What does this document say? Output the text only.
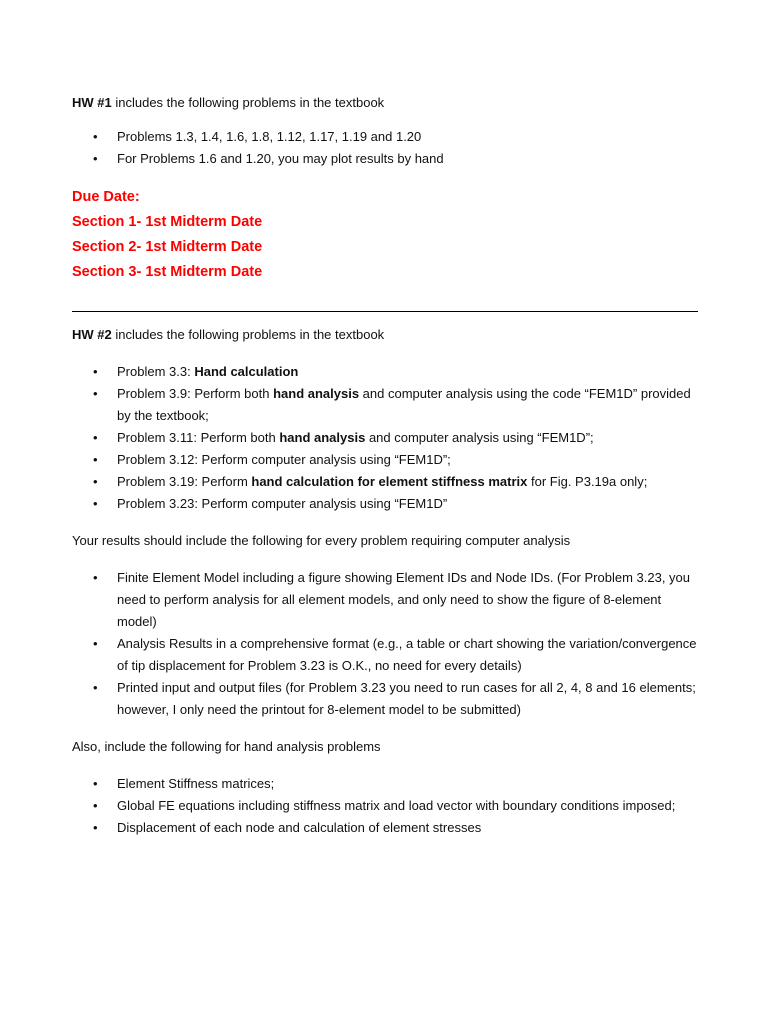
HW #1 includes the following problems in the textbook

• Problems 1.3, 1.4, 1.6, 1.8, 1.12, 1.17, 1.19 and 1.20
• For Problems 1.6 and 1.20, you may plot results by hand
Due Date:
Section 1- 1st Midterm Date
Section 2- 1st Midterm Date
Section 3- 1st Midterm Date

HW #2 includes the following problems in the textbook

• Problem 3.3: Hand calculation
• Problem 3.9: Perform both hand analysis and computer analysis using the code “FEM1D” provided by the textbook;
• Problem 3.11: Perform both hand analysis and computer analysis using “FEM1D”;
• Problem 3.12: Perform computer analysis using “FEM1D”;
• Problem 3.19: Perform hand calculation for element stiffness matrix for Fig. P3.19a only;
• Problem 3.23: Perform computer analysis using “FEM1D”

Your results should include the following for every problem requiring computer analysis

• Finite Element Model including a figure showing Element IDs and Node IDs. (For Problem 3.23, you need to perform analysis for all element models, and only need to show the figure of 8-element model)
• Analysis Results in a comprehensive format (e.g., a table or chart showing the variation/convergence of tip displacement for Problem 3.23 is O.K., no need for every details)
• Printed input and output files (for Problem 3.23 you need to run cases for all 2, 4, 8 and 16 elements; however, I only need the printout for 8-element model to be submitted)

Also, include the following for hand analysis problems

• Element Stiffness matrices;
• Global FE equations including stiffness matrix and load vector with boundary conditions imposed;
• Displacement of each node and calculation of element stresses
